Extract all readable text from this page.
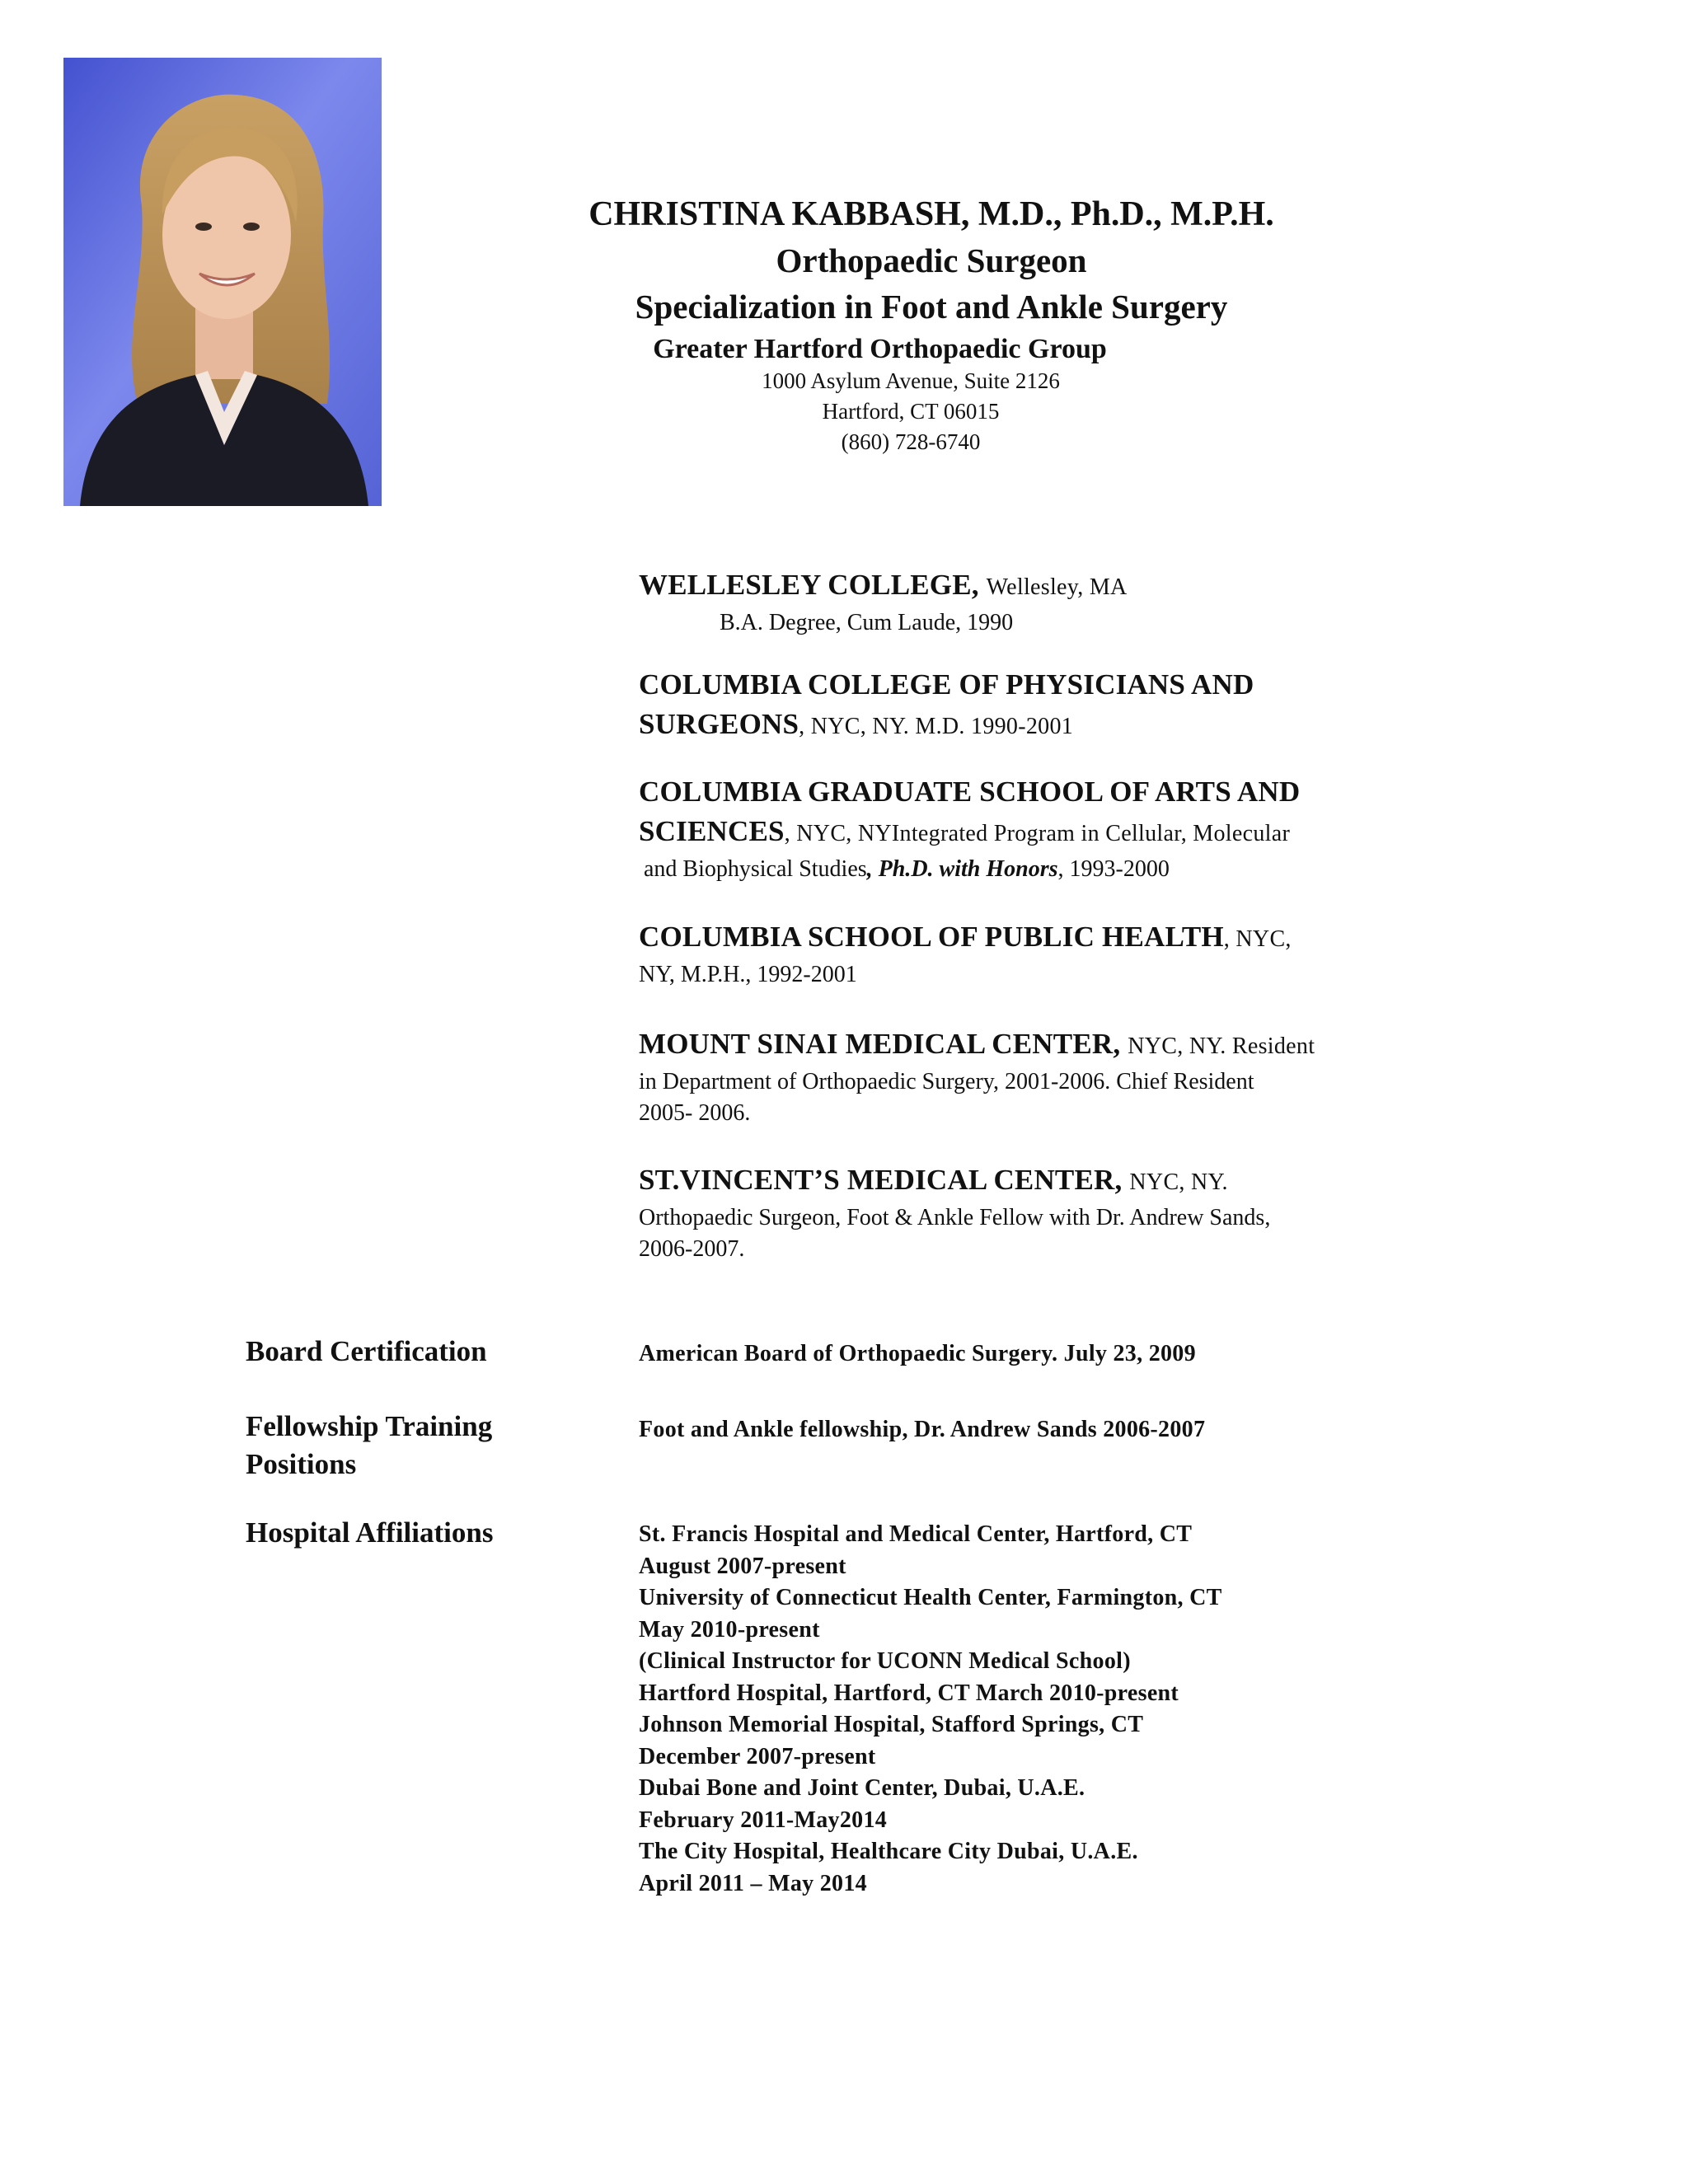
CHRISTINA KABBASH, M.D., Ph.D., M.P.H.
Orthopaedic Surgeon
Specialization in Foot and Ankle Surgery
Greater Hartford Orthopaedic Group
1000 Asylum Avenue, Suite 2126
Hartford, CT 06015
(860) 728-6740
WELLESLEY COLLEGE, Wellesley, MA
B.A. Degree, Cum Laude, 1990
COLUMBIA COLLEGE OF PHYSICIANS AND
SURGEONS, NYC, NY. M.D. 1990-2001
COLUMBIA GRADUATE SCHOOL OF ARTS AND
SCIENCES, NYC, NYIntegrated Program in Cellular, Molecular
and Biophysical Studies, Ph.D. with Honors, 1993-2000
COLUMBIA SCHOOL OF PUBLIC HEALTH, NYC,
NY, M.P.H., 1992-2001
MOUNT SINAI MEDICAL CENTER, NYC, NY. Resident
in Department of Orthopaedic Surgery, 2001-2006. Chief Resident
2005- 2006.
ST.VINCENT’S MEDICAL CENTER, NYC, NY.
Orthopaedic Surgeon, Foot & Ankle Fellow with Dr. Andrew Sands,
2006-2007.
Board Certification	American Board of Orthopaedic Surgery. July 23, 2009
Fellowship Training
Positions
Foot and Ankle fellowship, Dr. Andrew Sands 2006-2007
Hospital Affiliations	St. Francis Hospital and Medical Center, Hartford, CT
August 2007-present
University of Connecticut Health Center, Farmington, CT
May 2010-present
(Clinical Instructor for UCONN Medical School)
Hartford Hospital, Hartford, CT March 2010-present
Johnson Memorial Hospital, Stafford Springs, CT
December 2007-present
Dubai Bone and Joint Center, Dubai, U.A.E.
February 2011-May2014
The City Hospital, Healthcare City Dubai, U.A.E.
April 2011 – May 2014
